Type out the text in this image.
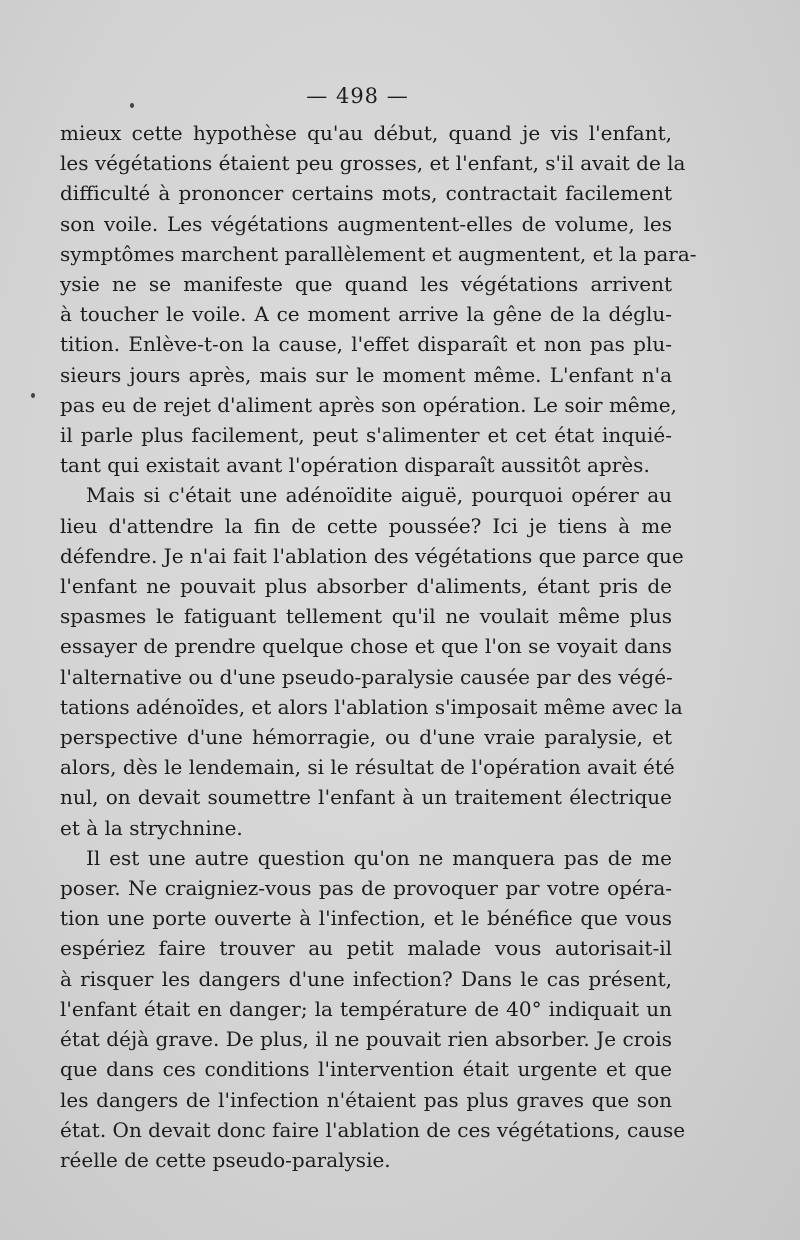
— 498 —
mieux cette hypothèse qu'au début, quand je vis l'enfant,
les végétations étaient peu grosses, et l'enfant, s'il avait de la
difficulté à prononcer certains mots, contractait facilement
son voile. Les végétations augmentent-elles de volume, les
symptômes marchent parallèlement et augmentent, et la para-
ysie ne se manifeste que quand les végétations arrivent
à toucher le voile. A ce moment arrive la gêne de la déglu-
tition. Enlève-t-on la cause, l'effet disparaît et non pas plu-
sieurs jours après, mais sur le moment même. L'enfant n'a
pas eu de rejet d'aliment après son opération. Le soir même,
il parle plus facilement, peut s'alimenter et cet état inquié-
tant qui existait avant l'opération disparaît aussitôt après.
Mais si c'était une adénoïdite aiguë, pourquoi opérer au
lieu d'attendre la fin de cette poussée? Ici je tiens à me
défendre. Je n'ai fait l'ablation des végétations que parce que
l'enfant ne pouvait plus absorber d'aliments, étant pris de
spasmes le fatiguant tellement qu'il ne voulait même plus
essayer de prendre quelque chose et que l'on se voyait dans
l'alternative ou d'une pseudo-paralysie causée par des végé-
tations adénoïdes, et alors l'ablation s'imposait même avec la
perspective d'une hémorragie, ou d'une vraie paralysie, et
alors, dès le lendemain, si le résultat de l'opération avait été
nul, on devait soumettre l'enfant à un traitement électrique
et à la strychnine.
Il est une autre question qu'on ne manquera pas de me
poser. Ne craigniez-vous pas de provoquer par votre opéra-
tion une porte ouverte à l'infection, et le bénéfice que vous
espériez faire trouver au petit malade vous autorisait-il
à risquer les dangers d'une infection? Dans le cas présent,
l'enfant était en danger; la température de 40° indiquait un
état déjà grave. De plus, il ne pouvait rien absorber. Je crois
que dans ces conditions l'intervention était urgente et que
les dangers de l'infection n'étaient pas plus graves que son
état. On devait donc faire l'ablation de ces végétations, cause
réelle de cette pseudo-paralysie.
